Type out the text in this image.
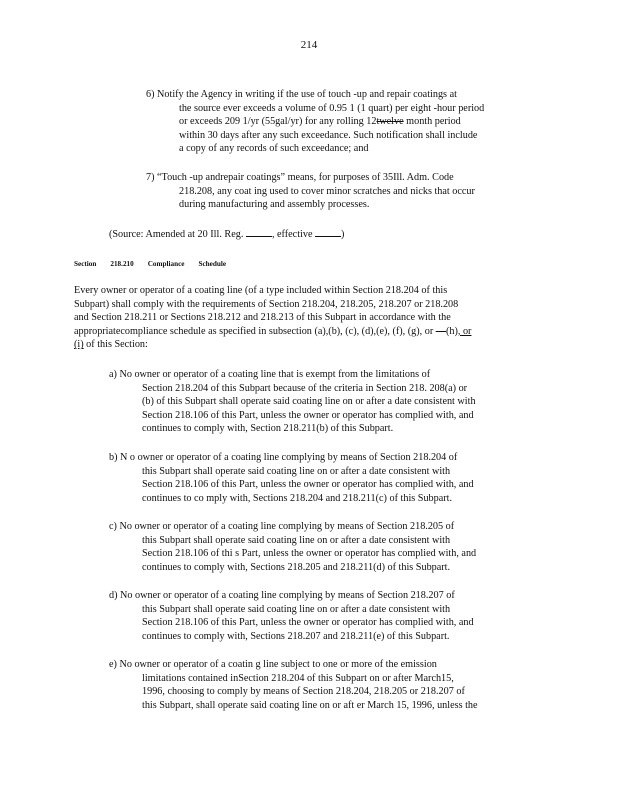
214

6) Notify the Agency in writing if the use of touch -up and repair coatings at

the source ever exceeds a volume of 0.95 1 (1 quart) per eight -hour period

or exceeds 209 1/yr (55gal/yr) for any rolling 12twelve month period

within 30 days after any such exceedance. Such notification shall include

a copy of any records of such exceedance; and

7) “Touch -up andrepair coatings” means, for purposes of 35Ill. Adm. Code

218.208, any coat ing used to cover minor scratches and nicks that occur

during manufacturing and assembly processes.

(Source: Amended at 20 Ill. Reg.	, effective	)

Section 218.210 Compliance Schedule

Every owner or operator of a coating line (of a type included within Section 218.204 of this

Subpart) shall comply with the requirements of Section 218.204, 218.205, 218.207 or 218.208

and Section 218.211 or Sections 218.212 and 218.213 of this Subpart in accordance with the

appropriatecompliance schedule as specified in subsection (a),(b), (c), (d),(e), (f), (g), or —(h), or

(i) of this Section:

a) No owner or operator of a coating line that is exempt from the limitations of

Section 218.204 of this Subpart because of the criteria in Section 218. 208(a) or

(b) of this Subpart shall operate said coating line on or after a date consistent with

Section 218.106 of this Part, unless the owner or operator has complied with, and

continues to comply with, Section 218.211(b) of this Subpart.

b) N o owner or operator of a coating line complying by means of Section 218.204 of

this Subpart shall operate said coating line on or after a date consistent with

Section 218.106 of this Part, unless the owner or operator has complied with, and

continues to co mply with, Sections 218.204 and 218.211(c) of this Subpart.

c) No owner or operator of a coating line complying by means of Section 218.205 of

this Subpart shall operate said coating line on or after a date consistent with

Section 218.106 of thi s Part, unless the owner or operator has complied with, and

continues to comply with, Sections 218.205 and 218.211(d) of this Subpart.

d) No owner or operator of a coating line complying by means of Section 218.207 of

this Subpart shall operate said coating line on or after a date consistent with

Section 218.106 of this Part, unless the owner or operator has complied with, and

continues to comply with, Sections 218.207 and 218.211(e) of this Subpart.

e) No owner or operator of a coatin g line subject to one or more of the emission

limitations contained inSection 218.204 of this Subpart on or after March15,

1996, choosing to comply by means of Section 218.204, 218.205 or 218.207 of

this Subpart, shall operate said coating line on or aft er March 15, 1996, unless the
